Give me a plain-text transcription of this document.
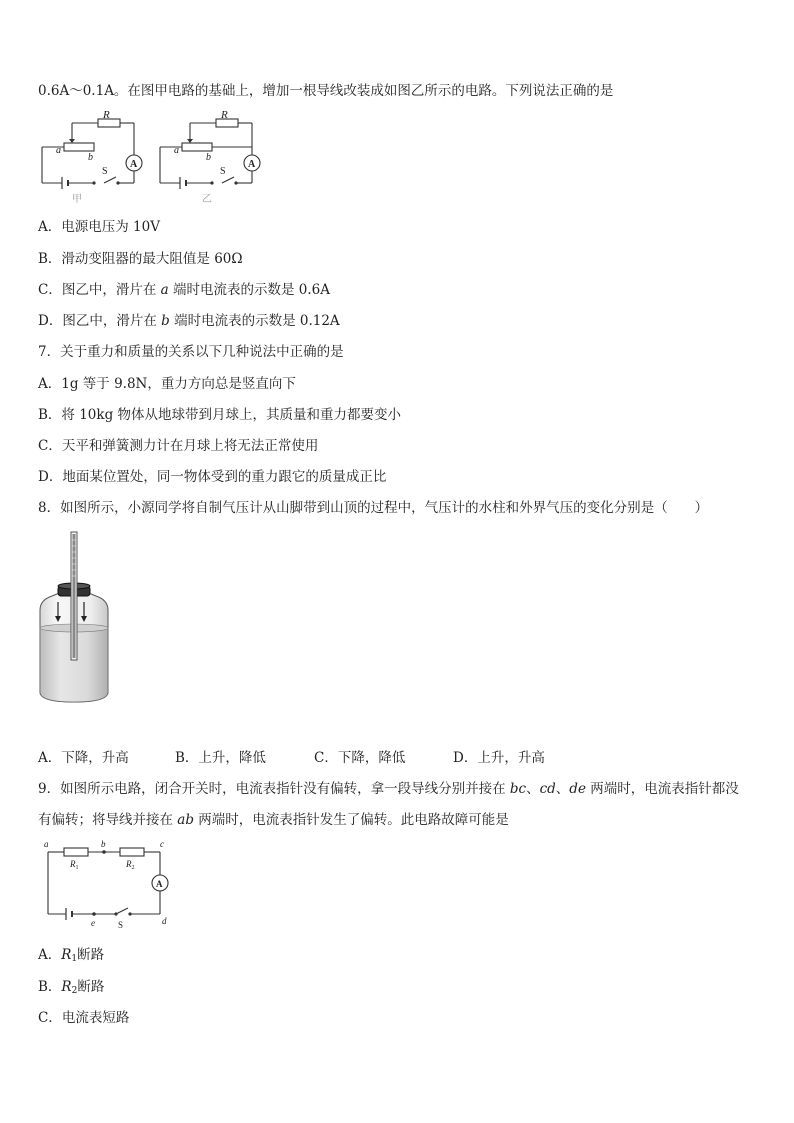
0.6A～0.1A。在图甲电路的基础上，增加一根导线改装成如图乙所示的电路。下列说法正确的是
R
a
b
A
S
甲
R
a
b
A
S
乙
A．电源电压为 10V
B．滑动变阻器的最大阻值是 60Ω
C．图乙中，滑片在 a 端时电流表的示数是 0.6A
D．图乙中，滑片在 b 端时电流表的示数是 0.12A
7．关于重力和质量的关系以下几种说法中正确的是
A．1g 等于 9.8N，重力方向总是竖直向下
B．将 10kg 物体从地球带到月球上，其质量和重力都要变小
C．天平和弹簧测力计在月球上将无法正常使用
D．地面某位置处，同一物体受到的重力跟它的质量成正比
8．如图所示，小源同学将自制气压计从山脚带到山顶的过程中，气压计的水柱和外界气压的变化分别是（　　）
A．下降，升高	B．上升，降低	C．下降，降低	D．上升，升高
9．如图所示电路，闭合开关时，电流表指针没有偏转，拿一段导线分别并接在 bc、cd、de 两端时，电流表指针都没
有偏转；将导线并接在 ab 两端时，电流表指针发生了偏转。此电路故障可能是
a	b	c
d
e
$R_1$	$R_2$
A
S
A．$R_1$断路
B．$R_2$断路
C．电流表短路
